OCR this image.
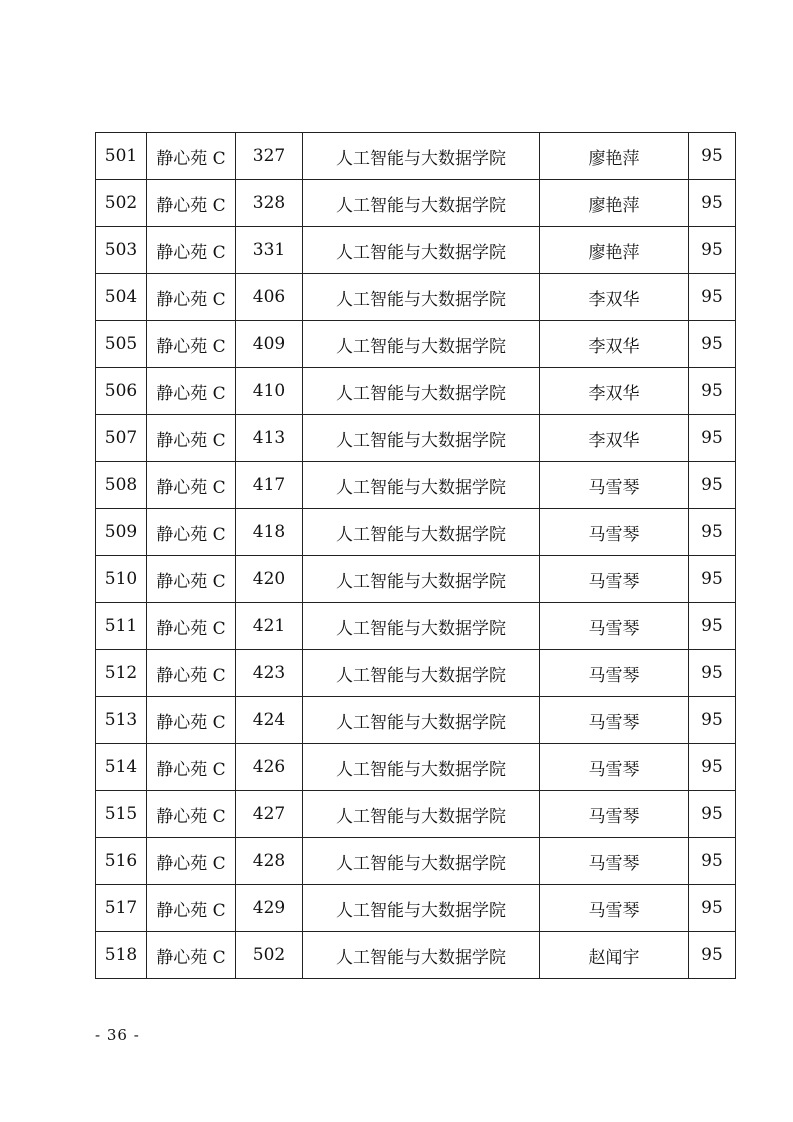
501	静心苑 C	327	人工智能与大数据学院	廖艳萍	95
502	静心苑 C	328	人工智能与大数据学院	廖艳萍	95
503	静心苑 C	331	人工智能与大数据学院	廖艳萍	95
504	静心苑 C	406	人工智能与大数据学院	李双华	95
505	静心苑 C	409	人工智能与大数据学院	李双华	95
506	静心苑 C	410	人工智能与大数据学院	李双华	95
507	静心苑 C	413	人工智能与大数据学院	李双华	95
508	静心苑 C	417	人工智能与大数据学院	马雪琴	95
509	静心苑 C	418	人工智能与大数据学院	马雪琴	95
510	静心苑 C	420	人工智能与大数据学院	马雪琴	95
511	静心苑 C	421	人工智能与大数据学院	马雪琴	95
512	静心苑 C	423	人工智能与大数据学院	马雪琴	95
513	静心苑 C	424	人工智能与大数据学院	马雪琴	95
514	静心苑 C	426	人工智能与大数据学院	马雪琴	95
515	静心苑 C	427	人工智能与大数据学院	马雪琴	95
516	静心苑 C	428	人工智能与大数据学院	马雪琴	95
517	静心苑 C	429	人工智能与大数据学院	马雪琴	95
518	静心苑 C	502	人工智能与大数据学院	赵闻宇	95
- 36 -
